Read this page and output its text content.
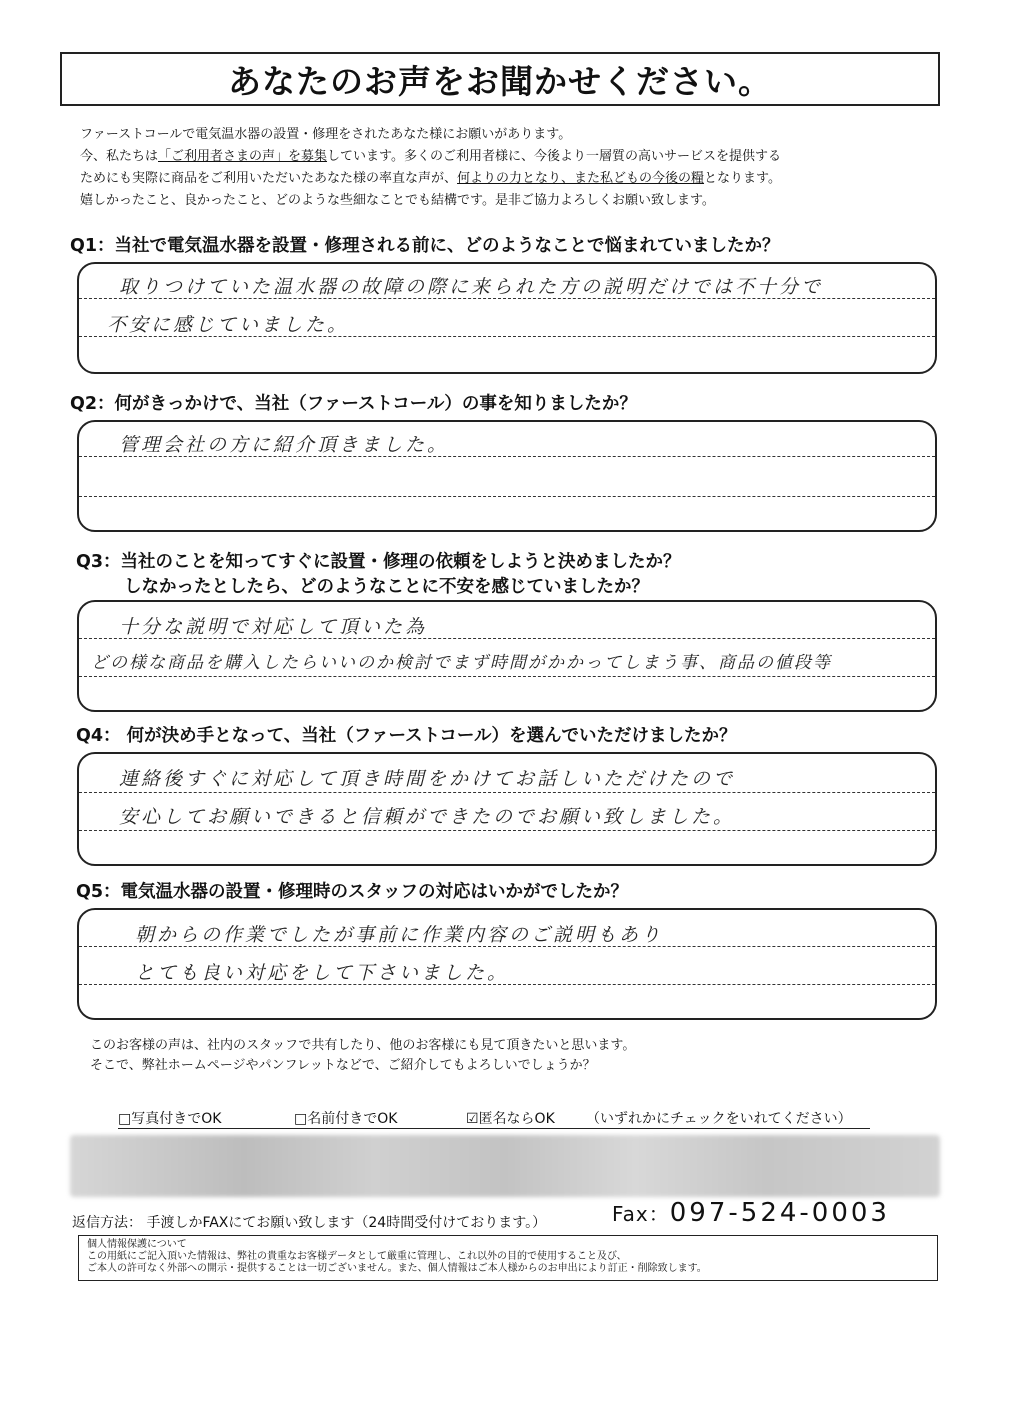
あなたのお声をお聞かせください。
ファーストコールで電気温水器の設置・修理をされたあなた様にお願いがあります。
今、私たちは「ご利用者さまの声」を募集しています。多くのご利用者様に、今後より一層質の高いサービスを提供する
ためにも実際に商品をご利用いただいたあなた様の率直な声が、何よりの力となり、また私どもの今後の糧となります。
嬉しかったこと、良かったこと、どのような些細なことでも結構です。是非ご協力よろしくお願い致します。
Q1：当社で電気温水器を設置・修理される前に、どのようなことで悩まれていましたか？
取りつけていた温水器の故障の際に来られた方の説明だけでは不十分で
不安に感じていました。
Q2：何がきっかけで、当社（ファーストコール）の事を知りましたか？
管理会社の方に紹介頂きました。
Q3：当社のことを知ってすぐに設置・修理の依頼をしようと決めましたか？
しなかったとしたら、どのようなことに不安を感じていましたか？
十分な説明で対応して頂いた為
どの様な商品を購入したらいいのか検討でまず時間がかかってしまう事、商品の値段等
Q4： 何が決め手となって、当社（ファーストコール）を選んでいただけましたか？
連絡後すぐに対応して頂き時間をかけてお話しいただけたので
安心してお願いできると信頼ができたのでお願い致しました。
Q5：電気温水器の設置・修理時のスタッフの対応はいかがでしたか？
朝からの作業でしたが事前に作業内容のご説明もあり
とても良い対応をして下さいました。
このお客様の声は、社内のスタッフで共有したり、他のお客様にも見て頂きたいと思います。
そこで、弊社ホームページやパンフレットなどで、ご紹介してもよろしいでしょうか？
□写真付きでOK	□名前付きでOK	☑匿名ならOK （いずれかにチェックをいれてください）
返信方法： 手渡しかFAXにてお願い致します（24時間受付けております。）	Fax：097-524-0003
個人情報保護について
この用紙にご記入頂いた情報は、弊社の貴重なお客様データとして厳重に管理し、これ以外の目的で使用すること及び、
ご本人の許可なく外部への開示・提供することは一切ございません。また、個人情報はご本人様からのお申出により訂正・削除致します。
